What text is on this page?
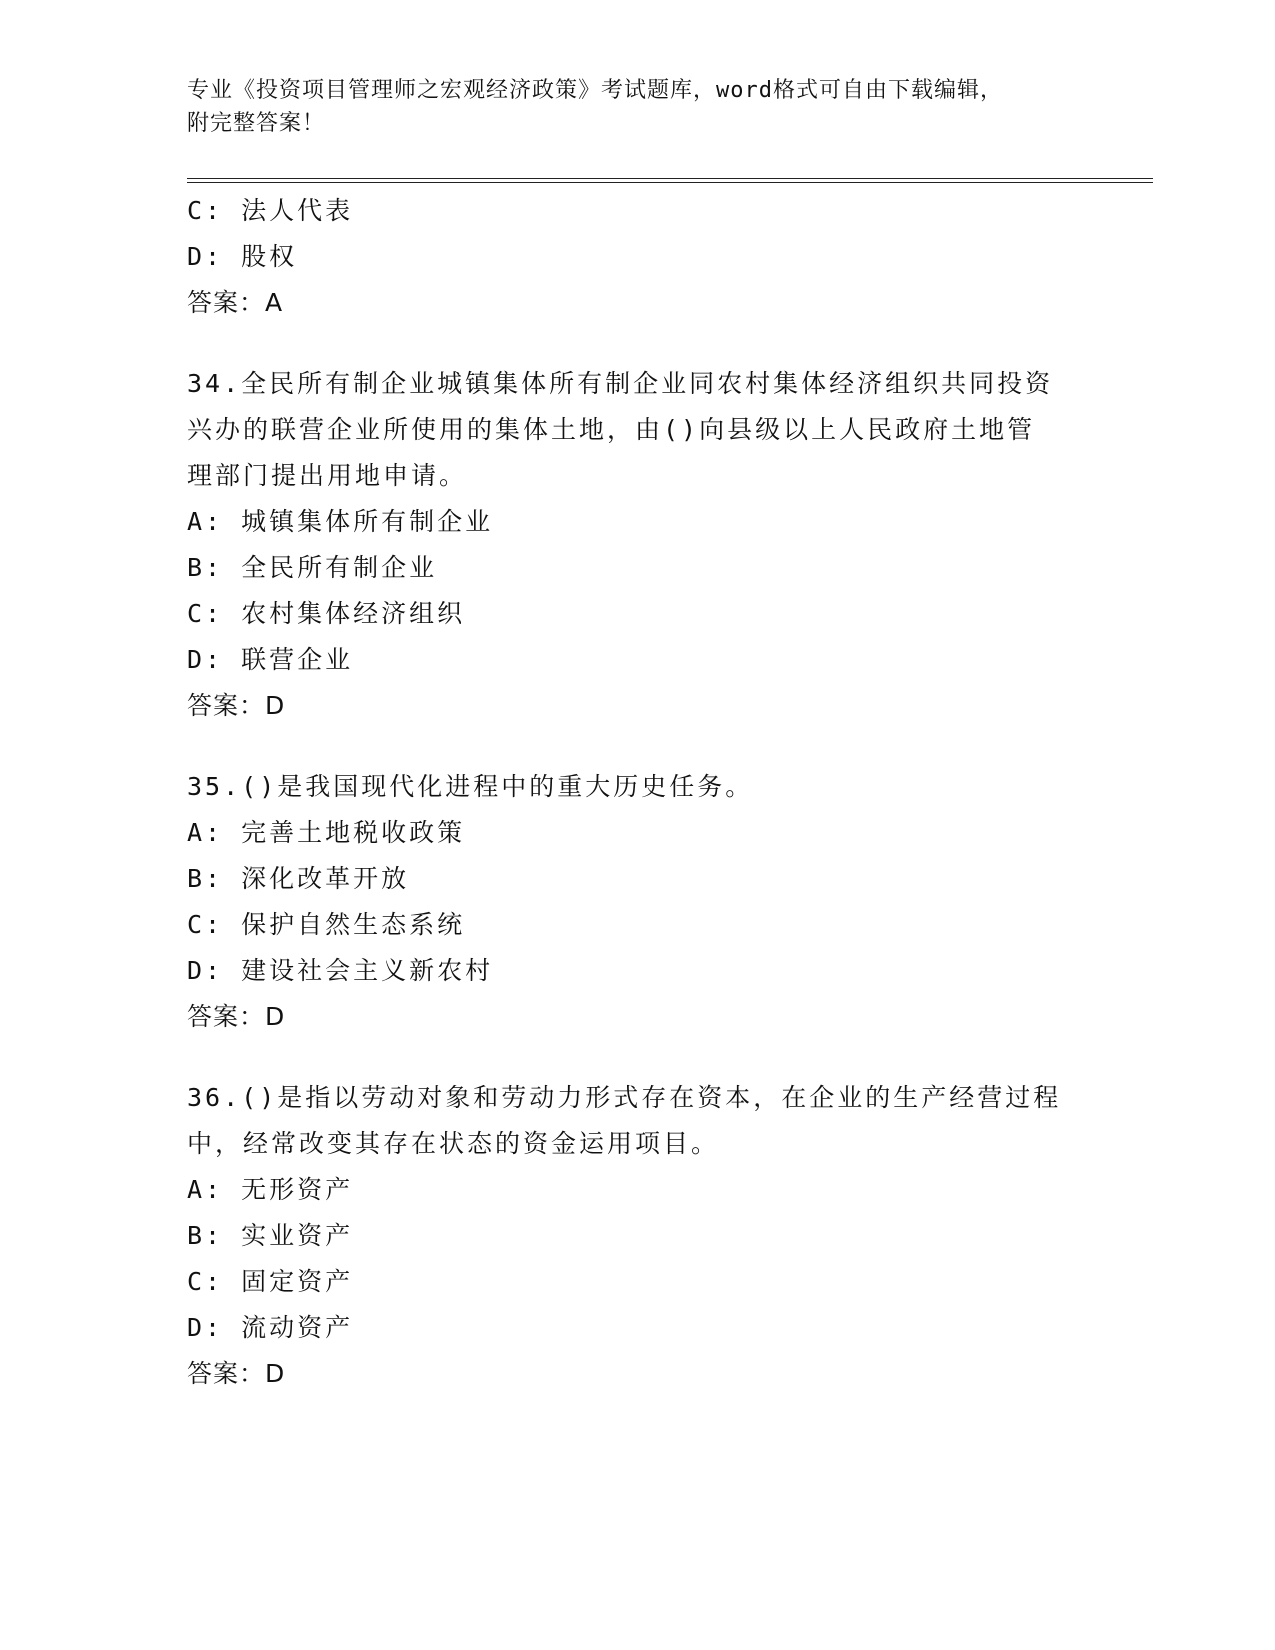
专业《投资项目管理师之宏观经济政策》考试题库，word格式可自由下载编辑，
附完整答案！
C: 法人代表
D: 股权
答案：A
34.全民所有制企业城镇集体所有制企业同农村集体经济组织共同投资
兴办的联营企业所使用的集体土地，由()向县级以上人民政府土地管
理部门提出用地申请。
A: 城镇集体所有制企业
B: 全民所有制企业
C: 农村集体经济组织
D: 联营企业
答案：D
35.()是我国现代化进程中的重大历史任务。
A: 完善土地税收政策
B: 深化改革开放
C: 保护自然生态系统
D: 建设社会主义新农村
答案：D
36.()是指以劳动对象和劳动力形式存在资本，在企业的生产经营过程
中，经常改变其存在状态的资金运用项目。
A: 无形资产
B: 实业资产
C: 固定资产
D: 流动资产
答案：D
